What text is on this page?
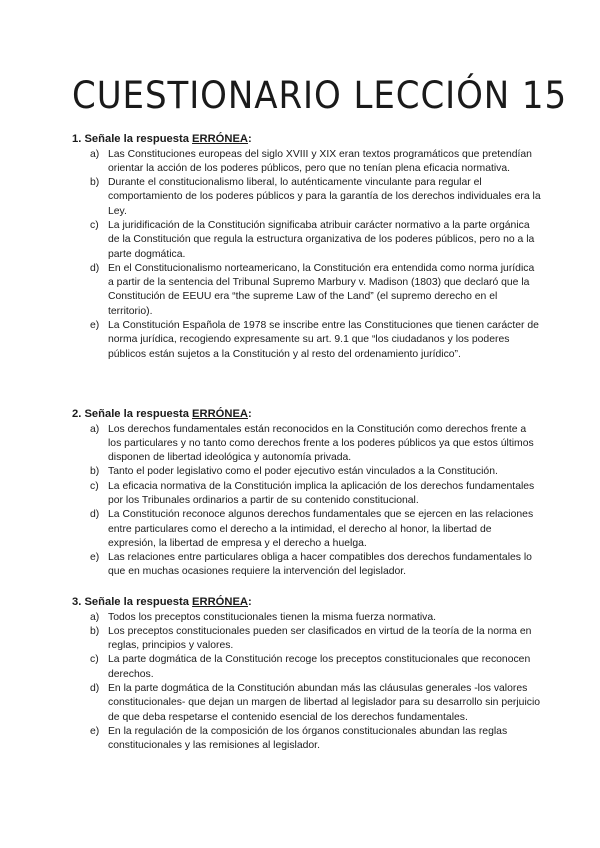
CUESTIONARIO LECCIÓN 15

1. Señale la respuesta ERRÓNEA:

a) Las Constituciones europeas del siglo XVIII y XIX eran textos programáticos que pretendían orientar la acción de los poderes públicos, pero que no tenían plena eficacia normativa.

b) Durante el constitucionalismo liberal, lo auténticamente vinculante para regular el comportamiento de los poderes públicos y para la garantía de los derechos individuales era la Ley.

c) La juridificación de la Constitución significaba atribuir carácter normativo a la parte orgánica de la Constitución que regula la estructura organizativa de los poderes públicos, pero no a la parte dogmática.

d) En el Constitucionalismo norteamericano, la Constitución era entendida como norma jurídica a partir de la sentencia del Tribunal Supremo Marbury v. Madison (1803) que declaró que la Constitución de EEUU era “the supreme Law of the Land” (el supremo derecho en el territorio).

e) La Constitución Española de 1978 se inscribe entre las Constituciones que tienen carácter de norma jurídica, recogiendo expresamente su art. 9.1 que “los ciudadanos y los poderes públicos están sujetos a la Constitución y al resto del ordenamiento jurídico”.

2. Señale la respuesta ERRÓNEA:

a) Los derechos fundamentales están reconocidos en la Constitución como derechos frente a los particulares y no tanto como derechos frente a los poderes públicos ya que estos últimos disponen de libertad ideológica y autonomía privada.

b) Tanto el poder legislativo como el poder ejecutivo están vinculados a la Constitución.

c) La eficacia normativa de la Constitución implica la aplicación de los derechos fundamentales por los Tribunales ordinarios a partir de su contenido constitucional.

d) La Constitución reconoce algunos derechos fundamentales que se ejercen en las relaciones entre particulares como el derecho a la intimidad, el derecho al honor, la libertad de expresión, la libertad de empresa y el derecho a huelga.

e) Las relaciones entre particulares obliga a hacer compatibles dos derechos fundamentales lo que en muchas ocasiones requiere la intervención del legislador.

3. Señale la respuesta ERRÓNEA:

a) Todos los preceptos constitucionales tienen la misma fuerza normativa.

b) Los preceptos constitucionales pueden ser clasificados en virtud de la teoría de la norma en reglas, principios y valores.

c) La parte dogmática de la Constitución recoge los preceptos constitucionales que reconocen derechos.

d) En la parte dogmática de la Constitución abundan más las cláusulas generales -los valores constitucionales- que dejan un margen de libertad al legislador para su desarrollo sin perjuicio de que deba respetarse el contenido esencial de los derechos fundamentales.

e) En la regulación de la composición de los órganos constitucionales abundan las reglas constitucionales y las remisiones al legislador.
